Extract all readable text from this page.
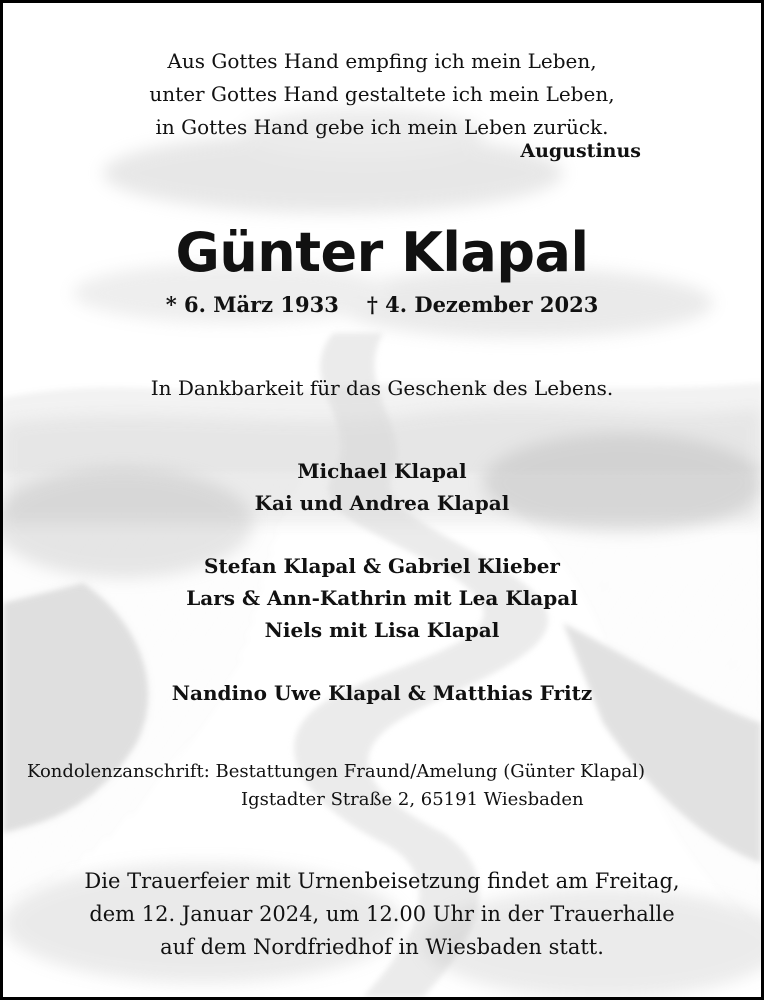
Aus Gottes Hand empfing ich mein Leben,
unter Gottes Hand gestaltete ich mein Leben,
in Gottes Hand gebe ich mein Leben zurück.
Augustinus
Günter Klapal
* 6. März 1933 † 4. Dezember 2023
In Dankbarkeit für das Geschenk des Lebens.
Michael Klapal
Kai und Andrea Klapal
Stefan Klapal & Gabriel Klieber
Lars & Ann-Kathrin mit Lea Klapal
Niels mit Lisa Klapal
Nandino Uwe Klapal & Matthias Fritz
Kondolenzanschrift: Bestattungen Fraund/Amelung (Günter Klapal)
Igstadter Straße 2, 65191 Wiesbaden
Die Trauerfeier mit Urnenbeisetzung findet am Freitag,
dem 12. Januar 2024, um 12.00 Uhr in der Trauerhalle
auf dem Nordfriedhof in Wiesbaden statt.
